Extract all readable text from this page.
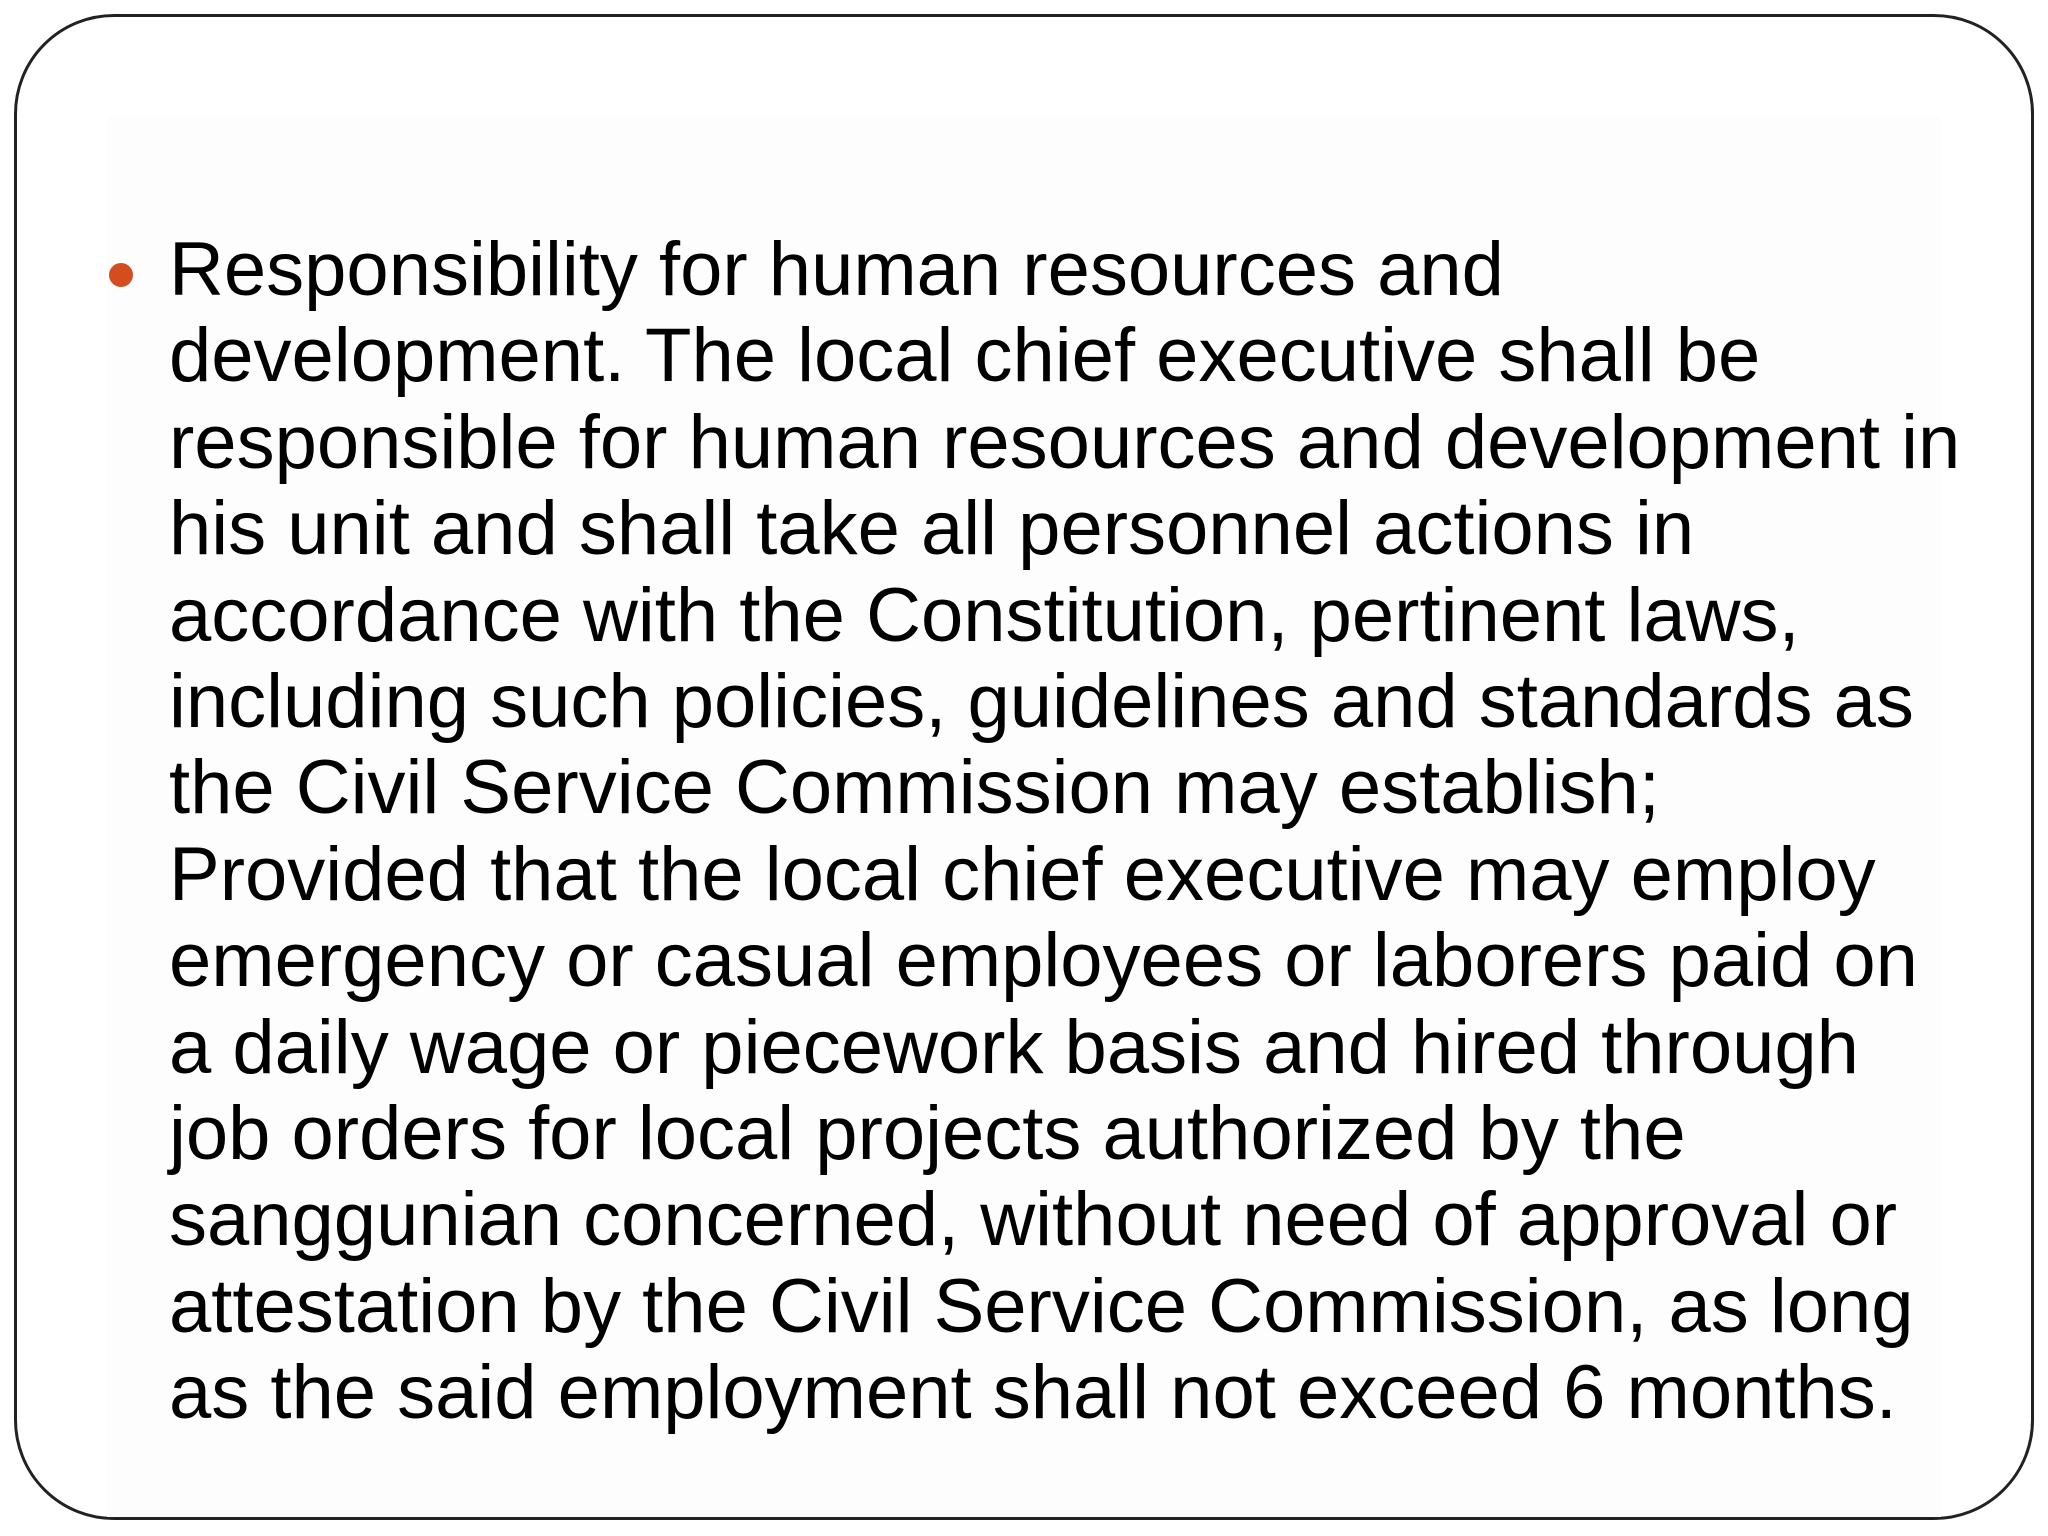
Responsibility for human resources and development. The local chief executive shall be responsible for human resources and development in his unit and shall take all personnel actions in accordance with the Constitution, pertinent laws, including such policies, guidelines and standards as the Civil Service Commission may establish; Provided that the local chief executive may employ emergency or casual employees or laborers paid on a daily wage or piecework basis and hired through job orders for local projects authorized by the sanggunian concerned, without need of approval or attestation by the Civil Service Commission, as long as the said employment shall not exceed 6 months.
